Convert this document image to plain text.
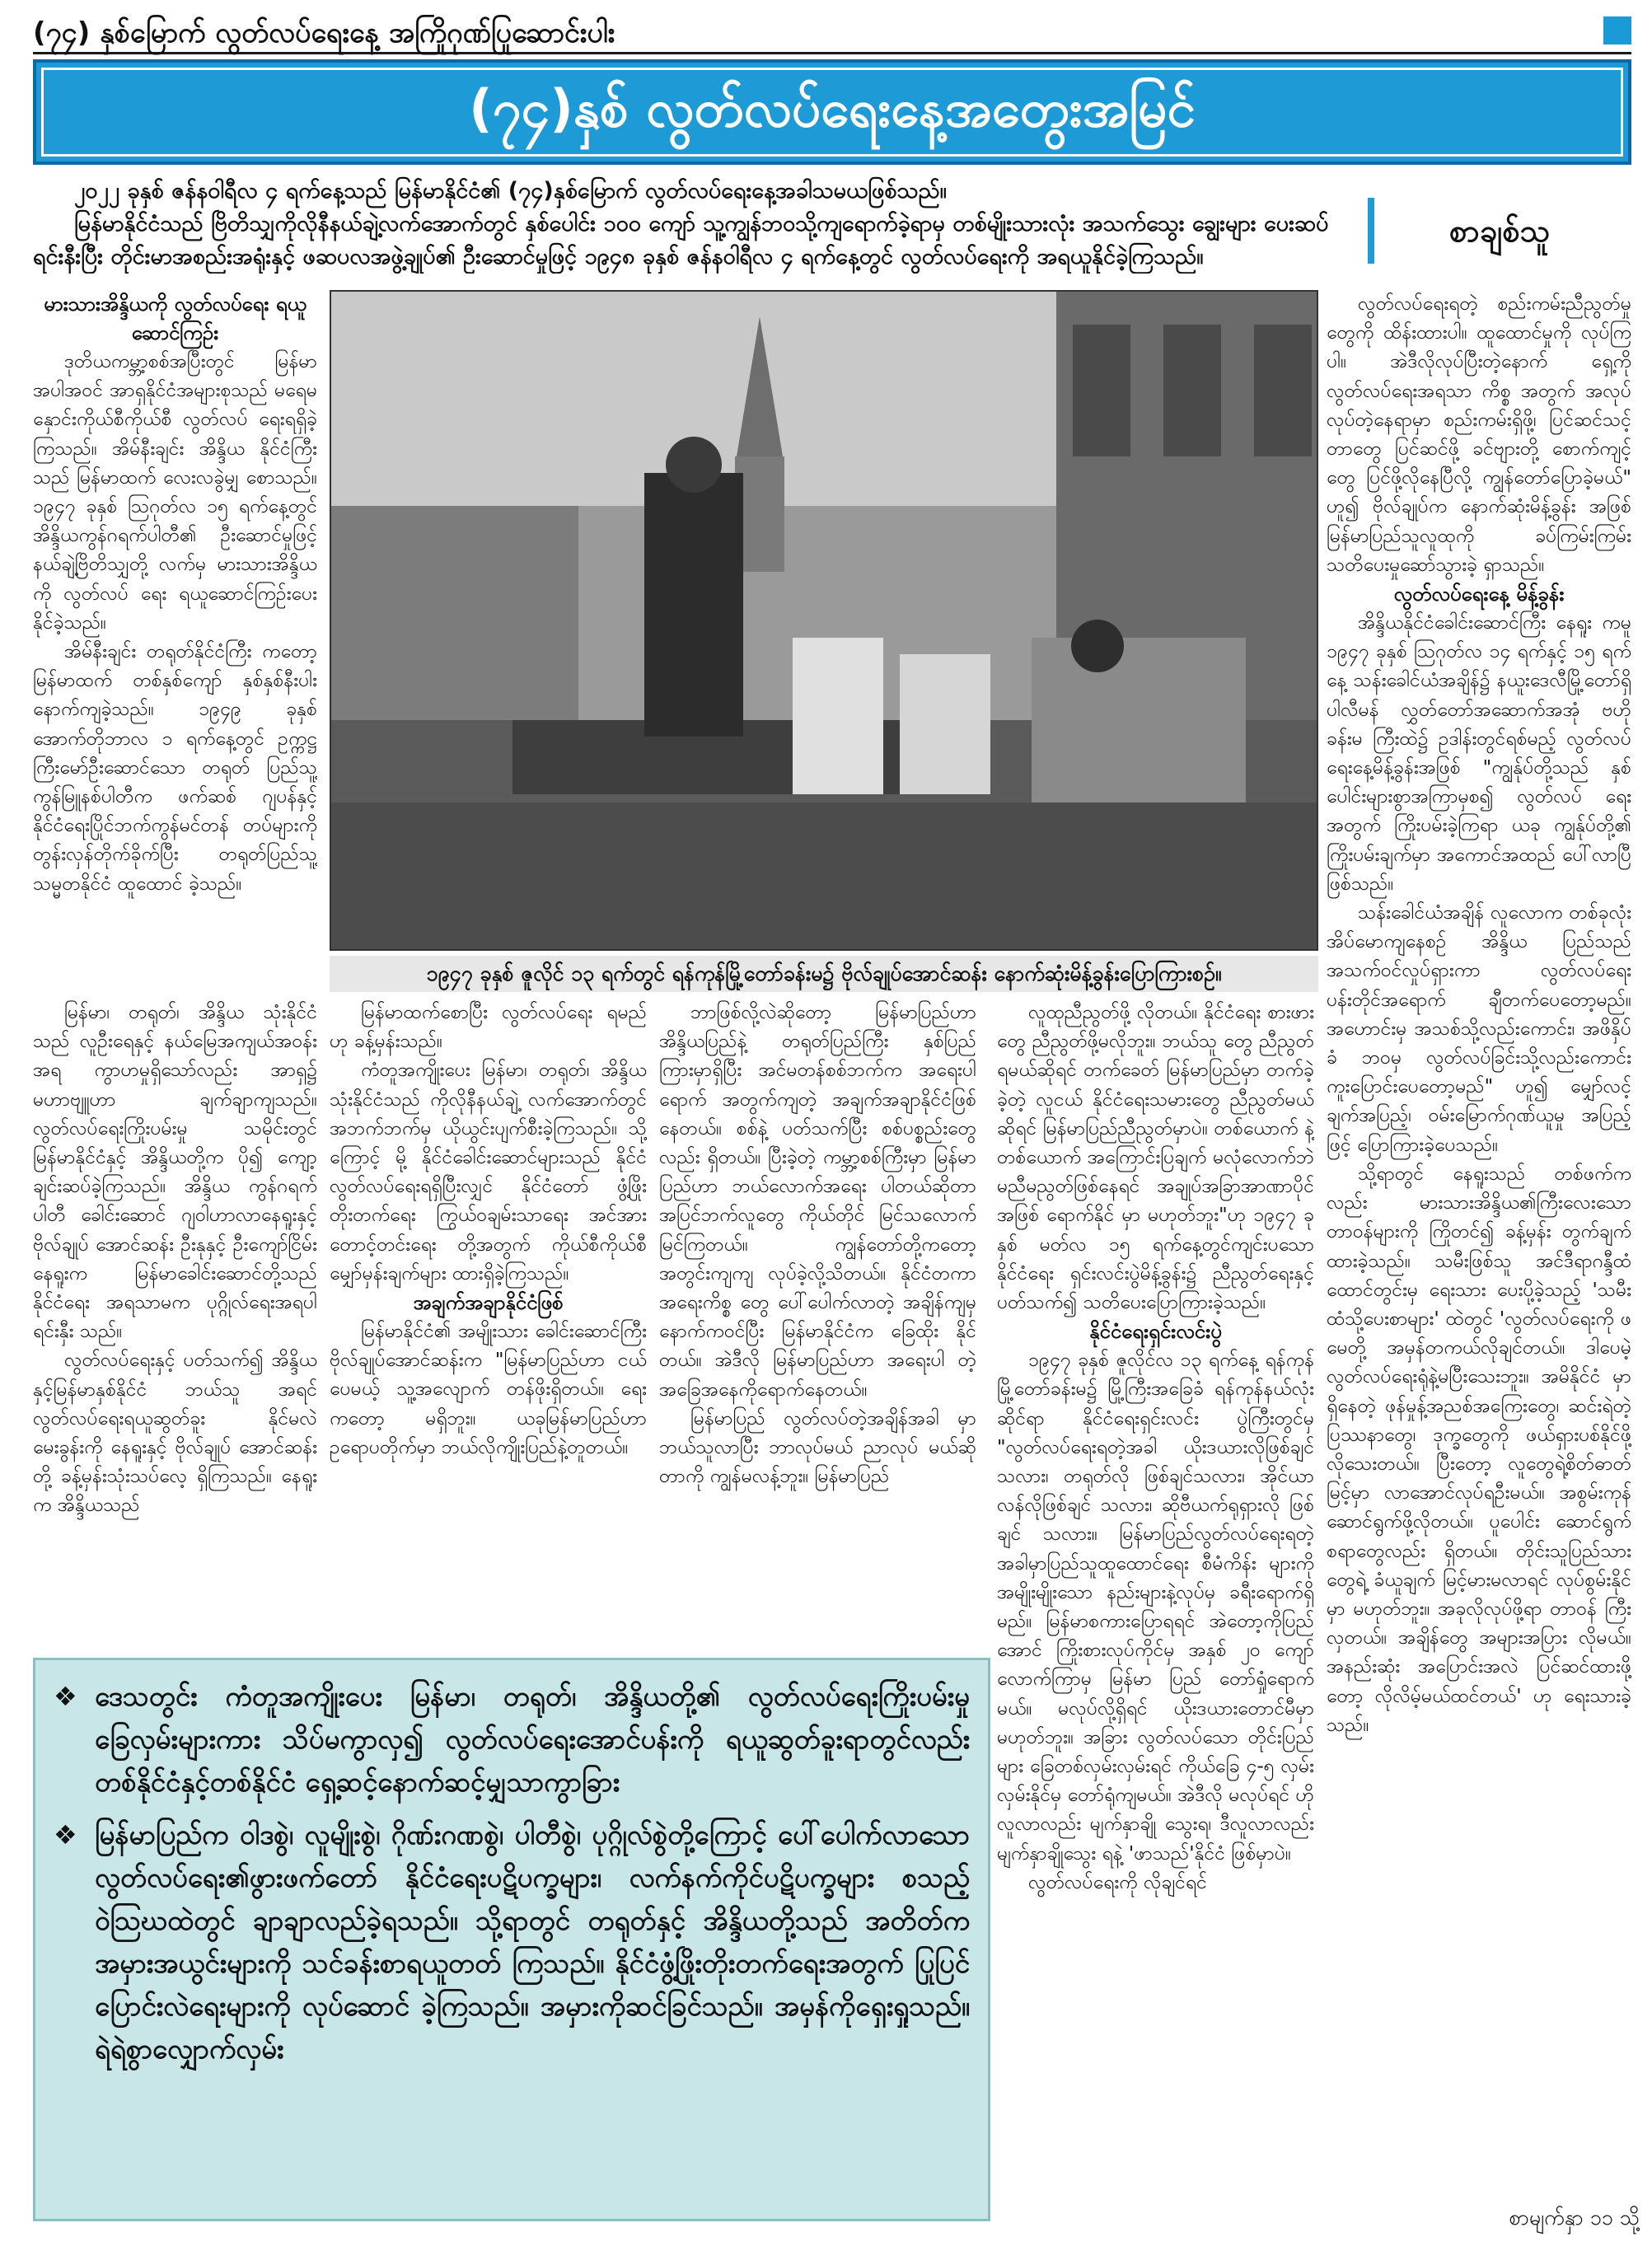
(၇၄) နှစ်မြောက် လွတ်လပ်ရေးနေ့ အကြိုဂုဏ်ပြုဆောင်းပါး
(၇၄)နှစ် လွတ်လပ်ရေးနေ့အတွေးအမြင်

၂၀၂၂ ခုနှစ် ဇန်နဝါရီလ ၄ ရက်နေ့သည် မြန်မာနိုင်ငံ၏ (၇၄)နှစ်မြောက် လွတ်လပ်ရေးနေ့အခါသမယဖြစ်သည်။

မြန်မာနိုင်ငံသည် ဗြိတိသျှကိုလိုနီနယ်ချဲ့လက်အောက်တွင် နှစ်ပေါင်း ၁၀၀ ကျော် သူ့ကျွန်ဘဝသို့ကျရောက်ခဲ့ရာမှ တစ်မျိုးသားလုံး အသက်သွေး ချွေးများ ပေးဆပ်ရင်းနီးပြီး တိုင်းမာအစည်းအရုံးနှင့် ဖဆပလအဖွဲ့ချုပ်၏ ဦးဆောင်မှုဖြင့် ၁၉၄၈ ခုနှစ် ဇန်နဝါရီလ ၄ ရက်နေ့တွင် လွတ်လပ်ရေးကို အရယူနိုင်ခဲ့ကြသည်။

စာချစ်သူ
မားသားအိန္ဒိယကို လွတ်လပ်ရေး ရယူဆောင်ကြဉ်း

ဒုတိယကမ္ဘာ့စစ်အပြီးတွင် မြန်မာ အပါအဝင် အာရှနိုင်ငံအများစုသည် မရေမနှောင်းကိုယ်စီကိုယ်စီ လွတ်လပ် ရေးရရှိခဲ့ကြသည်။ အိမ်နီးချင်း အိန္ဒိယ နိုင်ငံကြီးသည် မြန်မာထက် လေးလခွဲမျှ စောသည်။ ၁၉၄၇ ခုနှစ် ဩဂုတ်လ ၁၅ ရက်နေ့တွင် အိန္ဒိယကွန်ဂရက်ပါတီ၏ ဦးဆောင်မှုဖြင့် နယ်ချဲ့ဗြိတိသျှတို့ လက်မှ မားသားအိန္ဒိယကို လွတ်လပ် ရေး ရယူဆောင်ကြဉ်းပေးနိုင်ခဲ့သည်။

အိမ်နီးချင်း တရုတ်နိုင်ငံကြီး ကတော့ မြန်မာထက် တစ်နှစ်ကျော် နှစ်နှစ်နီးပါး နောက်ကျခဲ့သည်။ ၁၉၄၉ ခုနှစ် အောက်တိုဘာလ ၁ ရက်နေ့တွင် ဥက္ကဋ္ဌကြီးမော်ဦးဆောင်သော တရုတ် ပြည်သူ့ကွန်မြူနစ်ပါတီက ဖက်ဆစ် ဂျပန်နှင့် နိုင်ငံရေးပြိုင်ဘက်ကွန်မင်တန် တပ်များကို တွန်းလှန်တိုက်ခိုက်ပြီး တရုတ်ပြည်သူ့သမ္မတနိုင်ငံ ထူထောင် ခဲ့သည်။

၁၉၄၇ ခုနှစ် ဇူလိုင် ၁၃ ရက်တွင် ရန်ကုန်မြို့တော်ခန်းမ၌ ဗိုလ်ချုပ်အောင်ဆန်း နောက်ဆုံးမိန့်ခွန်းပြောကြားစဉ်။

မြန်မာ၊ တရုတ်၊ အိန္ဒိယ သုံးနိုင်ငံ သည် လူဦးရေနှင့် နယ်မြေအကျယ်အဝန်း အရ ကွာဟမှုရှိသော်လည်း အာရှ၌ မဟာဗျူဟာ ချက်ချာကျသည်။ လွတ်လပ်ရေးကြိုးပမ်းမှု သမိုင်းတွင် မြန်မာနိုင်ငံနှင့် အိန္ဒိယတို့က ပို၍ ကျော့ချင်းဆပ်ခဲ့ကြသည်။ အိန္ဒိယ ကွန်ဂရက်ပါတီ ခေါင်းဆောင် ဂျဝါဟာလာနေရူးနှင့် ဗိုလ်ချုပ် အောင်ဆန်း ဦးနုနှင့် ဦးကျော်ငြိမ်း နေရူးက မြန်မာခေါင်းဆောင်တို့သည် နိုင်ငံရေး အရသာမက ပုဂ္ဂိုလ်ရေးအရပါ ရင်းနှီး သည်။

လွတ်လပ်ရေးနှင့် ပတ်သက်၍ အိန္ဒိယနှင့်မြန်မာနှစ်နိုင်ငံ ဘယ်သူ အရင် လွတ်လပ်ရေးရယူဆွတ်ခူး နိုင်မလဲ မေးခွန်းကို နေရူးနှင့် ဗိုလ်ချုပ် အောင်ဆန်းတို့ ခန့်မှန်းသုံးသပ်လေ့ ရှိကြသည်။ နေရူးက အိန္ဒိယသည်

မြန်မာထက်စောပြီး လွတ်လပ်ရေး ရမည်ဟု ခန့်မှန်းသည်။

ကံတူအကျိုးပေး မြန်မာ၊ တရုတ်၊ အိန္ဒိယ သုံးနိုင်ငံသည် ကိုလိုနီနယ်ချဲ့ လက်အောက်တွင် အဘက်ဘက်မှ ယိုယွင်းပျက်စီးခဲ့ကြသည်။ သို့ကြောင့် မို့ နိုင်ငံခေါင်းဆောင်များသည် နိုင်ငံ လွတ်လပ်ရေးရရှိပြီးလျှင် နိုင်ငံတော် ဖွံ့ဖြိုးတိုးတက်ရေး ကြွယ်ဝချမ်းသာရေး အင်အားတောင့်တင်းရေး တို့အတွက် ကိုယ်စီကိုယ်စီ မျှော်မှန်းချက်များ ထားရှိခဲ့ကြသည်။

အချက်အချာနိုင်ငံဖြစ်

မြန်မာနိုင်ငံ၏ အမျိုးသား ခေါင်းဆောင်ကြီး ဗိုလ်ချုပ်အောင်ဆန်းက "မြန်မာပြည်ဟာ ငယ်ပေမယ့် သူ့အလျောက် တန်ဖိုးရှိတယ်။ ရေးကတော့ မရှိဘူး။ ယခုမြန်မာပြည်ဟာ ဥရောပတိုက်မှာ ဘယ်လိုကျိုးပြည်နဲ့တူတယ်။

ဘာဖြစ်လို့လဲဆိုတော့ မြန်မာပြည်ဟာ အိန္ဒိယပြည်နဲ့ တရုတ်ပြည်ကြီး နှစ်ပြည် ကြားမှာရှိပြီး အင်မတန်စစ်ဘက်က အရေးပါရောက် အတွက်ကျတဲ့ အချက်အချာနိုင်ငံဖြစ်နေတယ်။ စစ်နဲ့ ပတ်သက်ပြီး စစ်ပစ္စည်းတွေလည်း ရှိတယ်။ ပြီးခဲ့တဲ့ ကမ္ဘာ့စစ်ကြီးမှာ မြန်မာပြည်ဟာ ဘယ်လောက်အရေး ပါတယ်ဆိုတာ အပြင်ဘက်လူတွေ ကိုယ်တိုင် မြင်သလောက်မြင်ကြတယ်။ ကျွန်တော်တို့ကတော့ အတွင်းကျကျ လုပ်ခဲ့လို့သိတယ်။ နိုင်ငံတကာအရေးကိစ္စ တွေ ပေါ်ပေါက်လာတဲ့ အချိန်ကျမှ နောက်ကဝင်ပြီး မြန်မာနိုင်ငံက ခြေထိုး နိုင်တယ်။ အဲဒီလို မြန်မာပြည်ဟာ အရေးပါ တဲ့ အခြေအနေကိုရောက်နေတယ်။

မြန်မာပြည် လွတ်လပ်တဲ့အချိန်အခါ မှာ ဘယ်သူလာပြီး ဘာလုပ်မယ် ညာလုပ် မယ်ဆိုတာကို ကျွန်မလန့်ဘူး။ မြန်မာပြည်

လူထုညီညွတ်ဖို့ လိုတယ်။ နိုင်ငံရေး စားဖားတွေ ညီညွတ်ဖို့မလိုဘူး။ ဘယ်သူ တွေ ညီညွတ်ရမယ်ဆိုရင် တက်ခေတ် မြန်မာပြည်မှာ တက်ခဲ့ခဲ့တဲ့ လူငယ် နိုင်ငံရေးသမားတွေ ညီညွတ်မယ်ဆိုရင် မြန်မာပြည်ညီညွတ်မှာပဲ။ တစ်ယောက် နဲ့တစ်ယောက် အကြောင်းပြချက် မလုံလောက်ဘဲ မညီမညွတ်ဖြစ်နေရင် အချုပ်အခြာအာဏာပိုင်အဖြစ် ရောက်နိုင် မှာ မဟုတ်ဘူး"ဟု ၁၉၄၇ ခုနှစ် မတ်လ ၁၅ ရက်နေ့တွင်ကျင်းပသော နိုင်ငံရေး ရှင်းလင်းပွဲမိန့်ခွန်း၌ ညီညွတ်ရေးနှင့် ပတ်သက်၍ သတိပေးပြောကြားခဲ့သည်။

နိုင်ငံရေးရှင်းလင်းပွဲ

၁၉၄၇ ခုနှစ် ဇူလိုင်လ ၁၃ ရက်နေ့ ရန်ကုန်မြို့တော်ခန်းမ၌ မြို့ကြီးအခြေခံ ရန်ကုန်နယ်လုံးဆိုင်ရာ နိုင်ငံရေးရှင်းလင်း ပွဲကြီးတွင်မှ "လွတ်လပ်ရေးရတဲ့အခါ ယိုးဒယားလိုဖြစ်ချင်သလား၊ တရုတ်လို ဖြစ်ချင်သလား၊ အိုင်ယာလန်လိုဖြစ်ချင် သလား၊ ဆိုဗီယက်ရုရှားလို ဖြစ်ချင် သလား။ မြန်မာပြည်လွတ်လပ်ရေးရတဲ့ အခါမှာပြည်သူထူထောင်ရေး စီမံကိန်း များကို အမျိုးမျိုးသော နည်းများနဲ့လုပ်မှ ခရီးရောက်ရှိမည်။ မြန်မာစကားပြောရရင် အဲတော့ကိုပြည်အောင် ကြိုးစားလုပ်ကိုင်မှ အနှစ် ၂၀ ကျော်လောက်ကြာမှ မြန်မာ ပြည် တော်ရှုံရောက်မယ်။ မလုပ်လို့ရှိရင် ယိုးဒယားတောင်မီမှာမဟုတ်ဘူး။ အခြား လွတ်လပ်သော တိုင်းပြည်များ ခြေတစ်လှမ်းလှမ်းရင် ကိုယ်ခြေ ၄-၅ လှမ်း လှမ်းနိုင်မှ တော်ရုံကျမယ်။ အဲဒီလို မလုပ်ရင် ဟိုလူလာလည်း မျက်နှာချို သွေးရ၊ ဒီလူလာလည်း မျက်နှာချိုသွေး ရနဲ့ 'ဖာသည်'နိုင်ငံ ဖြစ်မှာပဲ။

လွတ်လပ်ရေးကို လိုချင်ရင်

လွတ်လပ်ရေးရတဲ့ စည်းကမ်းညီညွတ်မှု တွေကို ထိန်းထားပါ။ ထူထောင်မှုကို လုပ်ကြပါ။ အဲဒီလိုလုပ်ပြီးတဲ့နောက် ရှေ့ကိုလွတ်လပ်ရေးအရသာ ကိစ္စ အတွက် အလုပ်လုပ်တဲ့နေရာမှာ စည်းကမ်းရှိဖို့၊ ပြင်ဆင်သင့်တာတွေ ပြင်ဆင်ဖို့ ခင်ဗျားတို့ စောက်ကျင့်တွေ ပြင်ဖို့လိုနေပြီလို့ ကျွန်တော်ပြောခဲ့မယ်" ဟူ၍ ဗိုလ်ချုပ်က နောက်ဆုံးမိန့်ခွန်း အဖြစ် မြန်မာပြည်သူလူထုကို ခပ်ကြမ်းကြမ်း သတိပေးမှုဆော်သွားခဲ့ ရှာသည်။

လွတ်လပ်ရေးနေ့ မိန့်ခွန်း

အိန္ဒိယနိုင်ငံခေါင်းဆောင်ကြီး နေရူး ကမူ ၁၉၄၇ ခုနှစ် ဩဂုတ်လ ၁၄ ရက်နှင့် ၁၅ ရက်နေ့ သန်းခေါင်ယံအချိန်၌ နယူးဒေလီမြို့တော်ရှိ ပါလီမန် လွှတ်တော်အဆောက်အအုံ ဗဟိုခန်းမ ကြီးထဲ၌ ဥဒါန်းတွင်ရစ်မည့် လွတ်လပ် ရေးနေ့မိန့်ခွန်းအဖြစ် "ကျွန်ုပ်တို့သည် နှစ်ပေါင်းများစွာအကြာမှစ၍ လွတ်လပ် ရေးအတွက် ကြိုးပမ်းခဲ့ကြရာ ယခု ကျွန်ုပ်တို့၏ ကြိုးပမ်းချက်မှာ အကောင်အထည် ပေါ်လာပြီဖြစ်သည်။

သန်းခေါင်ယံအချိန် လူလောက တစ်ခုလုံးအိပ်မောကျနေစဉ် အိန္ဒိယ ပြည်သည် အသက်ဝင်လှုပ်ရှားကာ လွတ်လပ်ရေး ပန်းတိုင်အရောက် ချီတက်ပေတော့မည်။ အဟောင်းမှ အသစ်သို့လည်းကောင်း၊ အဖိနှိပ်ခံ ဘဝမှ လွတ်လပ်ခြင်းသို့လည်းကောင်း ကူးပြောင်းပေတော့မည်" ဟူ၍ မျှော်လင့် ချက်အပြည့်၊ ဝမ်းမြောက်ဂုဏ်ယူမှု အပြည့်ဖြင့် ပြောကြားခဲ့ပေသည်။

သို့ရာတွင် နေရူးသည် တစ်ဖက်က လည်း မားသားအိန္ဒိယ၏ကြီးလေးသော တာဝန်များကို ကြိုတင်၍ ခန့်မှန်း တွက်ချက်ထားခဲ့သည်။ သမီးဖြစ်သူ အင်ဒီရာဂန္ဒီထံ ထောင်တွင်းမှ ရေးသား ပေးပို့ခဲ့သည့် 'သမီးထံသို့ပေးစာများ' ထဲတွင် 'လွတ်လပ်ရေးကို ဖမေတို့ အမှန်တကယ်လိုချင်တယ်။ ဒါပေမဲ့ လွတ်လပ်ရေးရုံနဲ့မပြီးသေးဘူး။ အမိနိုင်ငံ မှာ ရှိနေတဲ့ ဖုန်မှုန့်အညစ်အကြေးတွေ၊ ဆင်းရဲတဲ့ပြဿနာတွေ၊ ဒုက္ခတွေကို ဖယ်ရှားပစ်နိုင်ဖို့ လိုသေးတယ်။ ပြီးတော့ လူတွေရဲ့စိတ်ဓာတ်မြင့်မှာ လာအောင်လုပ်ရဦးမယ်။ အစွမ်းကုန် ဆောင်ရွက်ဖို့လိုတယ်။ ပူပေါင်း ဆောင်ရွက်စရာတွေလည်း ရှိတယ်။ တိုင်းသူပြည်သားတွေရဲ့ ခံယူချက် မြင့်မားမလာရင် လုပ်စွမ်းနိုင်မှာ မဟုတ်ဘူး။ အခုလိုလုပ်ဖို့ရာ တာဝန် ကြီးလှတယ်။ အချိန်တွေ အများအပြား လိုမယ်။ အနည်းဆုံး အပြောင်းအလဲ ပြင်ဆင်ထားဖို့တော့ လိုလိမ့်မယ်ထင်တယ်' ဟု ရေးသားခဲ့သည်။

❖ ဒေသတွင်း ကံတူအကျိုးပေး မြန်မာ၊ တရုတ်၊ အိန္ဒိယတို့၏ လွတ်လပ်ရေးကြိုးပမ်းမှု ခြေလှမ်းများကား သိပ်မကွာလှ၍ လွတ်လပ်ရေးအောင်ပန်းကို ရယူဆွတ်ခူးရာတွင်လည်း တစ်နိုင်ငံနှင့်တစ်နိုင်ငံ ရှေ့ဆင့်နောက်ဆင့်မျှသာကွာခြား
❖ မြန်မာပြည်က ဝါဒစွဲ၊ လူမျိုးစွဲ၊ ဂိုဏ်းဂဏစွဲ၊ ပါတီစွဲ၊ ပုဂ္ဂိုလ်စွဲတို့ကြောင့် ပေါ်ပေါက်လာသော လွတ်လပ်ရေး၏ဖွားဖက်တော် နိုင်ငံရေးပဋိပက္ခများ၊ လက်နက်ကိုင်ပဋိပက္ခများ စသည့်ဝဲဩဃထဲတွင် ချာချာလည်ခဲ့ရသည်။ သို့ရာတွင် တရုတ်နှင့် အိန္ဒိယတို့သည် အတိတ်က အမှားအယွင်းများကို သင်ခန်းစာရယူတတ် ကြသည်။ နိုင်ငံဖွံ့ဖြိုးတိုးတက်ရေးအတွက် ပြုပြင်ပြောင်းလဲရေးများကို လုပ်ဆောင် ခဲ့ကြသည်။ အမှားကိုဆင်ခြင်သည်။ အမှန်ကိုရှေးရှုသည်။ ရဲရဲစွာလျှောက်လှမ်း
စာမျက်နှာ ၁၁ သို့
